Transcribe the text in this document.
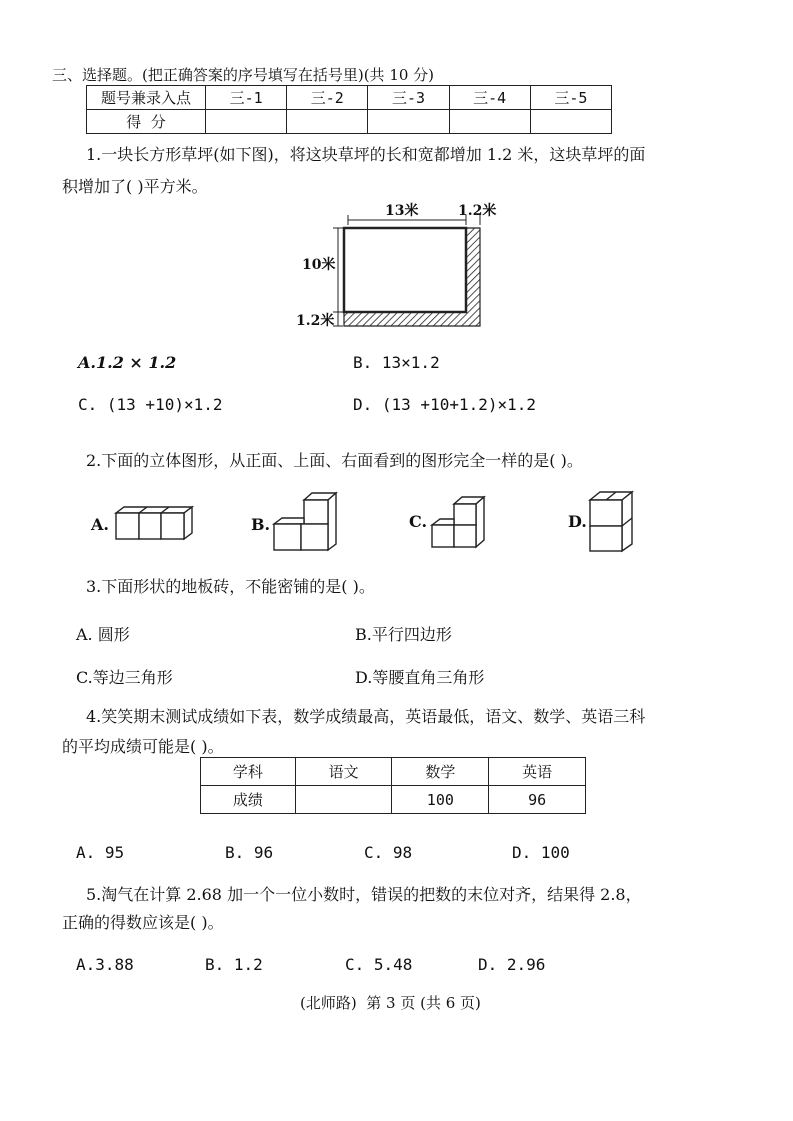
三、选择题。(把正确答案的序号填写在括号里)(共 10 分)
题号兼录入点	三-1	三-2	三-3	三-4	三-5
得  分					
1.一块长方形草坪(如下图)，将这块草坪的长和宽都增加 1.2 米，这块草坪的面
积增加了( )平方米。
13米	1.2米
10米
1.2米
A.1.2 × 1.2	B. 13×1.2
C. (13 +10)×1.2	D. (13 +10+1.2)×1.2
2.下面的立体图形，从正面、上面、右面看到的图形完全一样的是( )。
A.	B.	C.	D.
3.下面形状的地板砖，不能密铺的是( )。
A. 圆形	B.平行四边形
C.等边三角形	D.等腰直角三角形
4.笑笑期末测试成绩如下表，数学成绩最高，英语最低，语文、数学、英语三科
的平均成绩可能是( )。
学科	语文	数学	英语
成绩		100	96
A. 95	B. 96	C. 98	D. 100
5.淘气在计算 2.68 加一个一位小数时，错误的把数的末位对齐，结果得 2.8，
正确的得数应该是( )。
A.3.88	B. 1.2	C. 5.48	D. 2.96
(北师路)  第 3 页 (共 6 页)
